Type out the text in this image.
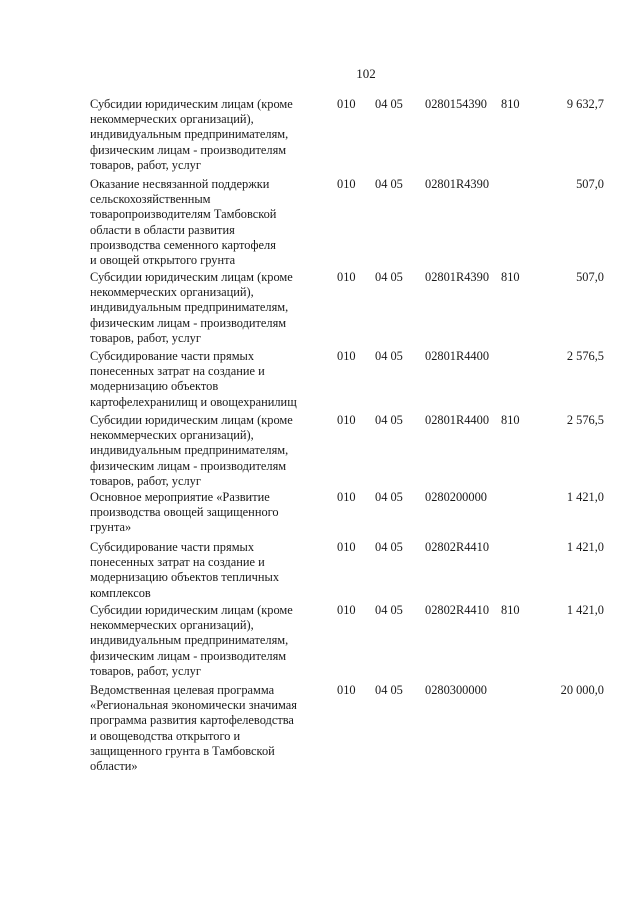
102
Субсидии юридическим лицам (кроме
некоммерческих организаций),
индивидуальным предпринимателям,
физическим лицам - производителям
товаров, работ, услуг
010 04 05 0280154390 810	9 632,7
Оказание несвязанной поддержки
сельскохозяйственным
товаропроизводителям Тамбовской
области в области развития
производства семенного картофеля
и овощей открытого грунта
010 04 05 02801R4390	507,0
Субсидии юридическим лицам (кроме
некоммерческих организаций),
индивидуальным предпринимателям,
физическим лицам - производителям
товаров, работ, услуг
010 04 05 02801R4390 810	507,0
Субсидирование части прямых
понесенных затрат на создание и
модернизацию объектов
картофелехранилищ и овощехранилищ
010 04 05 02801R4400	2 576,5
Субсидии юридическим лицам (кроме
некоммерческих организаций),
индивидуальным предпринимателям,
физическим лицам - производителям
товаров, работ, услуг
010 04 05 02801R4400 810	2 576,5
Основное мероприятие «Развитие
производства овощей защищенного
грунта»
010 04 05 0280200000	1 421,0
Субсидирование части прямых
понесенных затрат на создание и
модернизацию объектов тепличных
комплексов
010 04 05 02802R4410	1 421,0
Субсидии юридическим лицам (кроме
некоммерческих организаций),
индивидуальным предпринимателям,
физическим лицам - производителям
товаров, работ, услуг
010 04 05 02802R4410 810	1 421,0
Ведомственная целевая программа
«Региональная экономически значимая
программа развития картофелеводства
и овощеводства открытого и
защищенного грунта в Тамбовской
области»
010 04 05 0280300000	20 000,0
